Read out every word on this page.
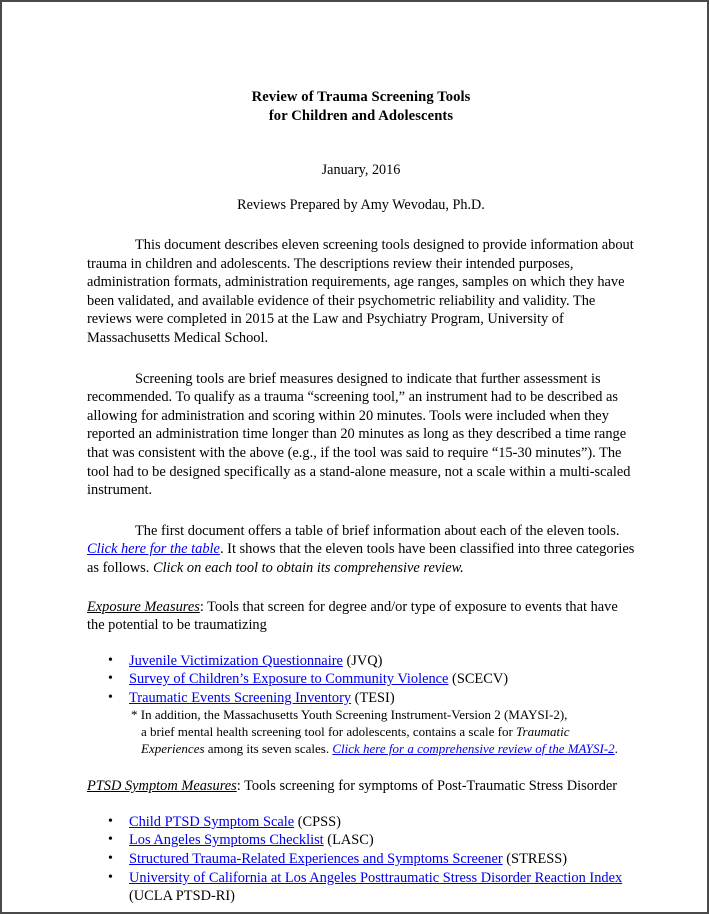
Review of Trauma Screening Tools
for Children and Adolescents
January, 2016
Reviews Prepared by Amy Wevodau, Ph.D.

This document describes eleven screening tools designed to provide information about trauma in children and adolescents. The descriptions review their intended purposes, administration formats, administration requirements, age ranges, samples on which they have been validated, and available evidence of their psychometric reliability and validity. The reviews were completed in 2015 at the Law and Psychiatry Program, University of Massachusetts Medical School.

Screening tools are brief measures designed to indicate that further assessment is recommended. To qualify as a trauma “screening tool,” an instrument had to be described as allowing for administration and scoring within 20 minutes. Tools were included when they reported an administration time longer than 20 minutes as long as they described a time range that was consistent with the above (e.g., if the tool was said to require “15-30 minutes”). The tool had to be designed specifically as a stand-alone measure, not a scale within a multi-scaled instrument.

The first document offers a table of brief information about each of the eleven tools. Click here for the table. It shows that the eleven tools have been classified into three categories as follows. Click on each tool to obtain its comprehensive review.

Exposure Measures: Tools that screen for degree and/or type of exposure to events that have the potential to be traumatizing

• Juvenile Victimization Questionnaire (JVQ)
• Survey of Children’s Exposure to Community Violence (SCECV)
• Traumatic Events Screening Inventory (TESI)

* In addition, the Massachusetts Youth Screening Instrument-Version 2 (MAYSI-2),
a brief mental health screening tool for adolescents, contains a scale for Traumatic
Experiences among its seven scales. Click here for a comprehensive review of the MAYSI-2.

PTSD Symptom Measures: Tools screening for symptoms of Post-Traumatic Stress Disorder

• Child PTSD Symptom Scale (CPSS)
• Los Angeles Symptoms Checklist (LASC)
• Structured Trauma-Related Experiences and Symptoms Screener (STRESS)
• University of California at Los Angeles Posttraumatic Stress Disorder Reaction Index
(UCLA PTSD-RI)
